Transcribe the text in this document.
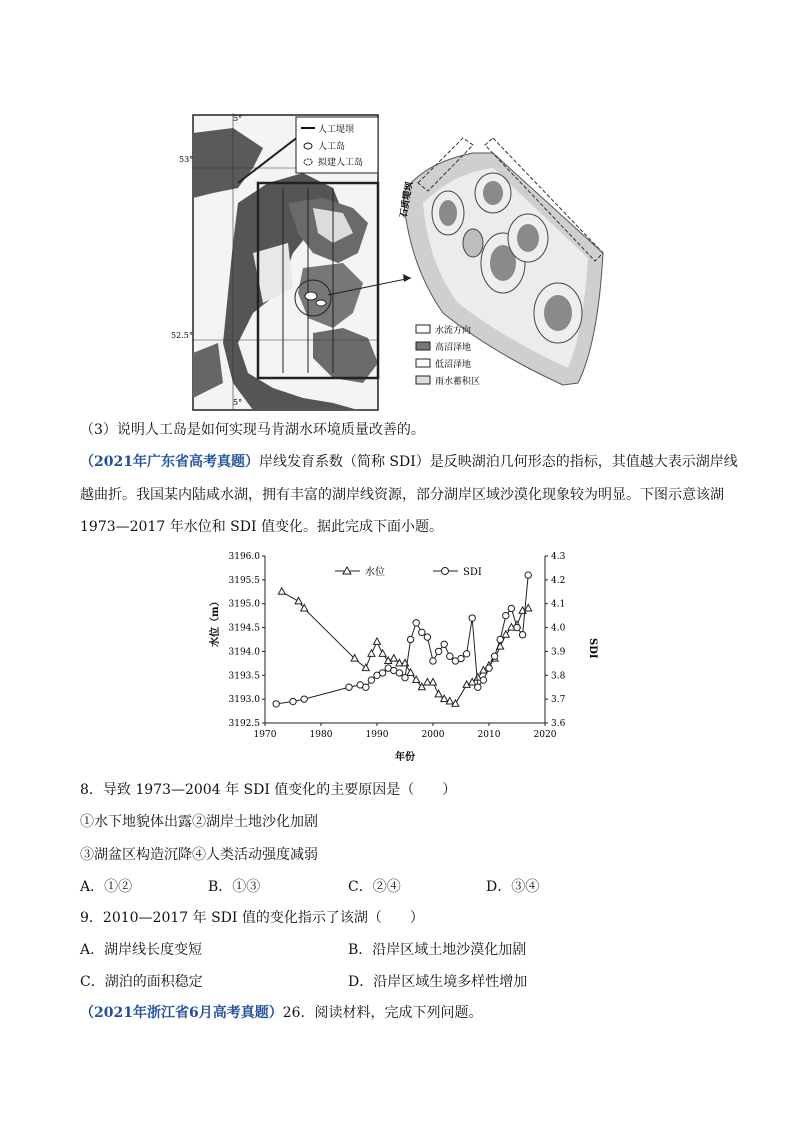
人工堤坝
人工岛
拟建人工岛
5°
53°
52.5°
5°
石质堤坝
水流方向
高沼泽地
低沼泽地
雨水蓄积区
（3）说明人工岛是如何实现马肯湖水环境质量改善的。
（2021年广东省高考真题）岸线发育系数（简称 SDI）是反映湖泊几何形态的指标，其值越大表示湖岸线
越曲折。我国某内陆咸水湖，拥有丰富的湖岸线资源，部分湖岸区域沙漠化现象较为明显。下图示意该湖
1973—2017 年水位和 SDI 值变化。据此完成下面小题。
1970	1980	1990	2000	2010	2020
3192.5
3193.0
3193.5
3194.0
3194.5
3195.0
3195.5
3196.0
3.6
3.7
3.8
3.9
4.0
4.1
4.2
4.3
水位（m）
SDI
年份
水位	SDI
8．导致 1973—2004 年 SDI 值变化的主要原因是（　　）
①水下地貌体出露②湖岸土地沙化加剧
③湖盆区构造沉降④人类活动强度减弱
A．①②	B．①③	C．②④	D．③④
9．2010—2017 年 SDI 值的变化指示了该湖（　　）
A．湖岸线长度变短	B．沿岸区域土地沙漠化加剧
C．湖泊的面积稳定	D．沿岸区域生境多样性增加
（2021年浙江省6月高考真题）26．阅读材料，完成下列问题。
